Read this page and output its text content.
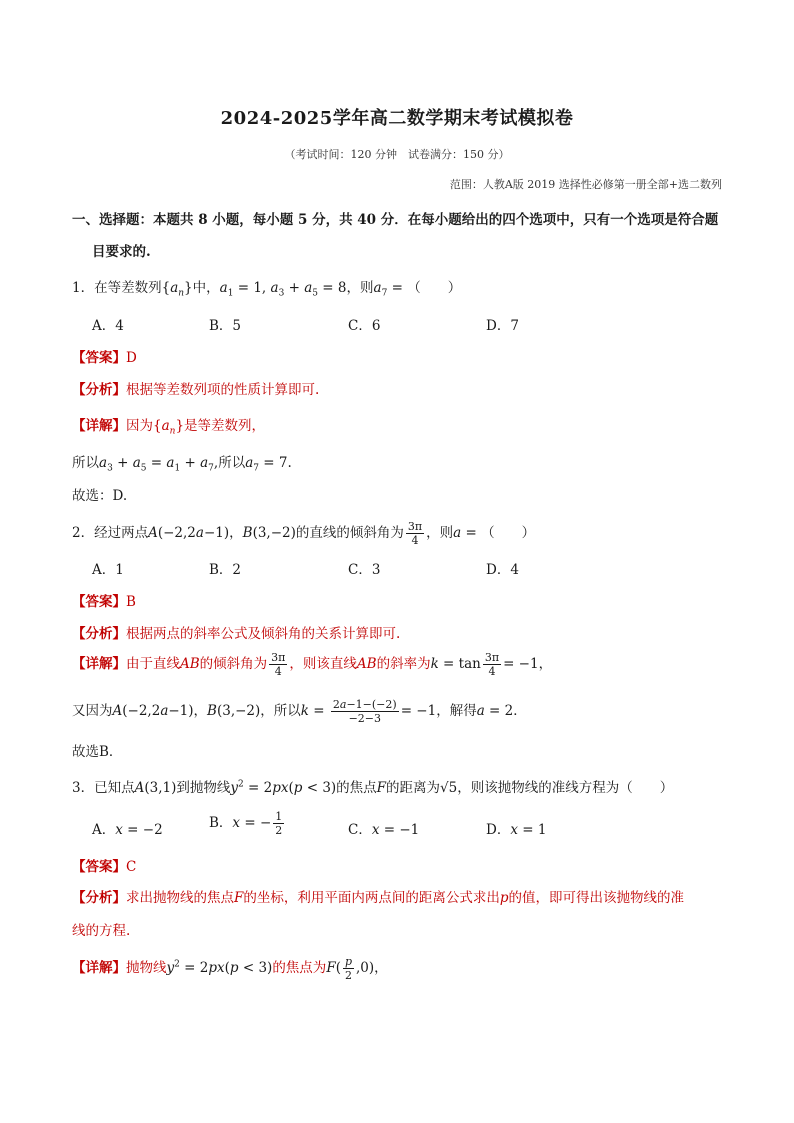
2024-2025学年高二数学期末考试模拟卷
（考试时间：120 分钟　试卷满分：150 分）
范围：人教A版 2019 选择性必修第一册全部+选二数列
一、选择题：本题共 8 小题，每小题 5 分，共 40 分．在每小题给出的四个选项中，只有一个选项是符合题
目要求的.
1．在等差数列$\{a_n\}$中，$a_1 = 1$, $a_3 + a_5 = 8$，则$a_7$ = （　　）
A．4	B．5	C．6	D．7
【答案】D
【分析】根据等差数列项的性质计算即可.
【详解】因为$\{a_n\}$是等差数列，
所以$a_3 + a_5 = a_1 + a_7$,所以$a_7 = 7$.
故选：D.
2．经过两点A(−2,2a−1)，B(3,−2)的直线的倾斜角为 $\frac{3\pi}{4}$ ，则a = （　　）
A．1	B．2	C．3	D．4
【答案】B
【分析】根据两点的斜率公式及倾斜角的关系计算即可.
【详解】由于直线AB的倾斜角为 $\frac{3\pi}{4}$ ，则该直线AB的斜率为$k = \tan \frac{3\pi}{4} = -1$，
又因为A(−2,2a−1)，B(3,−2)，所以$k = \frac{2a-1-(-2)}{-2-3} = -1$，解得a = 2．
故选B．
3．已知点A(3,1)到抛物线$y^2 = 2px(p < 3)$的焦点F的距离为√5，则该抛物线的准线方程为（　　）
A．x = −2	B．x = − $\frac{1}{2}$	C．x = −1	D．x = 1
【答案】C
【分析】求出抛物线的焦点F的坐标，利用平面内两点间的距离公式求出p的值，即可得出该抛物线的准
线的方程.
【详解】抛物线$y^2 = 2px(p < 3)$的焦点为$F( \frac{p}{2} ,0)$，
